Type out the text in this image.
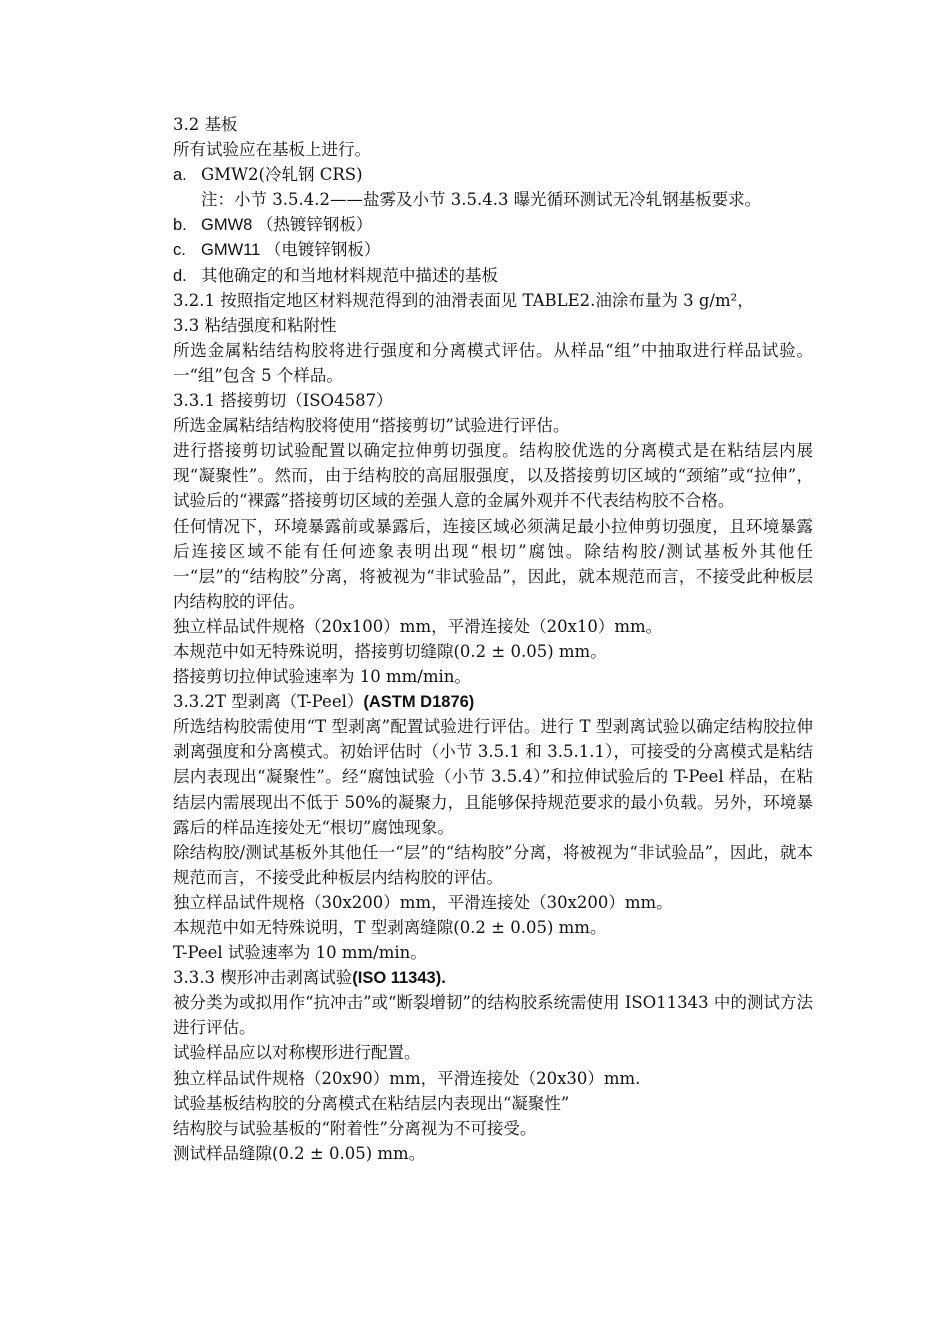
3.2 基板
所有试验应在基板上进行。
a. GMW2(冷轧钢 CRS)
注：小节 3.5.4.2——盐雾及小节 3.5.4.3 曝光循环测试无冷轧钢基板要求。
b. GMW8 （热镀锌钢板）
c. GMW11 （电镀锌钢板）
d. 其他确定的和当地材料规范中描述的基板
3.2.1 按照指定地区材料规范得到的油滑表面见 TABLE2.油涂布量为 3 g/m²，
3.3 粘结强度和粘附性
所选金属粘结结构胶将进行强度和分离模式评估。从样品“组”中抽取进行样品试验。一“组”包含 5 个样品。
3.3.1 搭接剪切（ISO4587）
所选金属粘结结构胶将使用“搭接剪切”试验进行评估。
进行搭接剪切试验配置以确定拉伸剪切强度。结构胶优选的分离模式是在粘结层内展现“凝聚性”。然而，由于结构胶的高屈服强度，以及搭接剪切区域的“颈缩”或“拉伸”，试验后的“裸露”搭接剪切区域的差强人意的金属外观并不代表结构胶不合格。
任何情况下，环境暴露前或暴露后，连接区域必须满足最小拉伸剪切强度，且环境暴露后连接区域不能有任何迹象表明出现“根切”腐蚀。除结构胶/测试基板外其他任一“层”的“结构胶”分离，将被视为“非试验品”，因此，就本规范而言，不接受此种板层内结构胶的评估。
独立样品试件规格（20x100）mm，平滑连接处（20x10）mm。
本规范中如无特殊说明，搭接剪切缝隙(0.2 ± 0.05) mm。
搭接剪切拉伸试验速率为 10 mm/min。
3.3.2T 型剥离（T-Peel）(ASTM D1876)
所选结构胶需使用“T 型剥离”配置试验进行评估。进行 T 型剥离试验以确定结构胶拉伸剥离强度和分离模式。初始评估时（小节 3.5.1 和 3.5.1.1），可接受的分离模式是粘结层内表现出“凝聚性”。经“腐蚀试验（小节 3.5.4）”和拉伸试验后的 T-Peel 样品，在粘结层内需展现出不低于 50%的凝聚力，且能够保持规范要求的最小负载。另外，环境暴露后的样品连接处无“根切”腐蚀现象。
除结构胶/测试基板外其他任一“层”的“结构胶”分离，将被视为“非试验品”，因此，就本规范而言，不接受此种板层内结构胶的评估。
独立样品试件规格（30x200）mm，平滑连接处（30x200）mm。
本规范中如无特殊说明，T 型剥离缝隙(0.2 ± 0.05) mm。
T-Peel 试验速率为 10 mm/min。
3.3.3 楔形冲击剥离试验(ISO 11343).
被分类为或拟用作“抗冲击”或“断裂增韧”的结构胶系统需使用 ISO11343 中的测试方法进行评估。
试验样品应以对称楔形进行配置。
独立样品试件规格（20x90）mm，平滑连接处（20x30）mm.
试验基板结构胶的分离模式在粘结层内表现出“凝聚性”
结构胶与试验基板的“附着性”分离视为不可接受。
测试样品缝隙(0.2 ± 0.05) mm。
